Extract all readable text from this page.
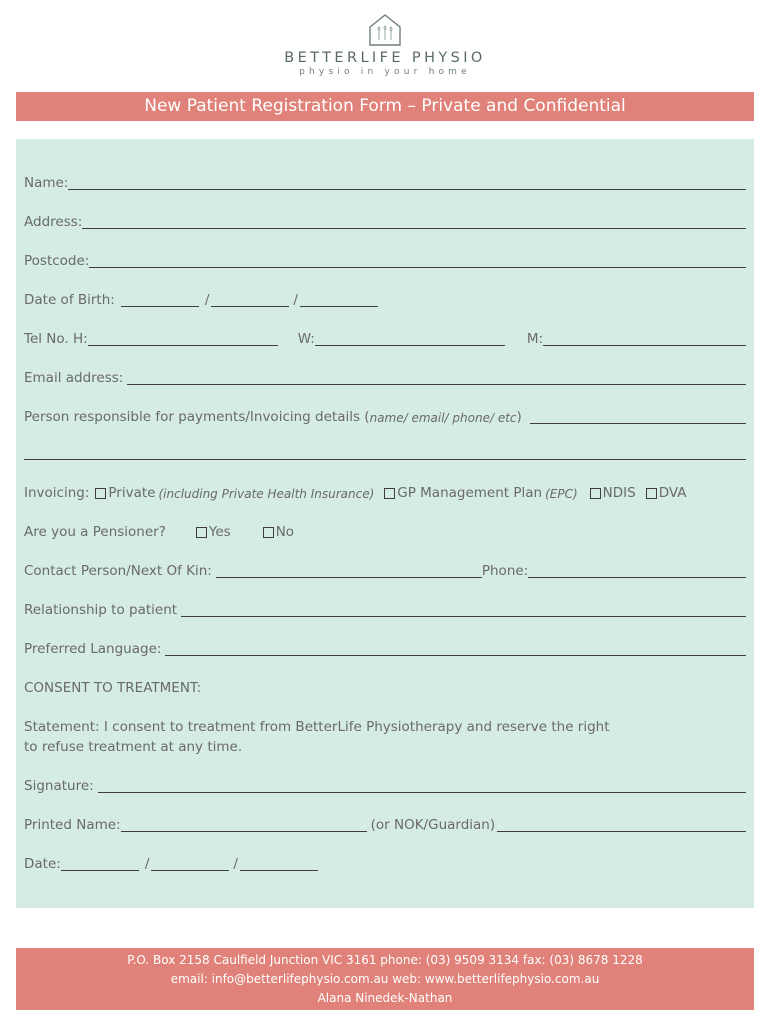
BETTERLIFE PHYSIO
physio in your home
New Patient Registration Form – Private and Confidential
Name:
Address:
Postcode:
Date of Birth:	/	/
Tel No. H:	W:	M:
Email address:
Person responsible for payments/Invoicing details ( name/ email/ phone/ etc )
Invoicing: Private (including Private Health Insurance) GP Management Plan (EPC) NDIS DVA
Are you a Pensioner?	Yes	No
Contact Person/Next Of Kin:	Phone:
Relationship to patient
Preferred Language:
CONSENT TO TREATMENT:
Statement: I consent to treatment from BetterLife Physiotherapy and reserve the right
to refuse treatment at any time.
Signature:
Printed Name:	(or NOK/Guardian)
Date:	/	/
P.O. Box 2158 Caulfield Junction VIC 3161 phone: (03) 9509 3134 fax: (03) 8678 1228
email: info@betterlifephysio.com.au web: www.betterlifephysio.com.au
Alana Ninedek-Nathan
